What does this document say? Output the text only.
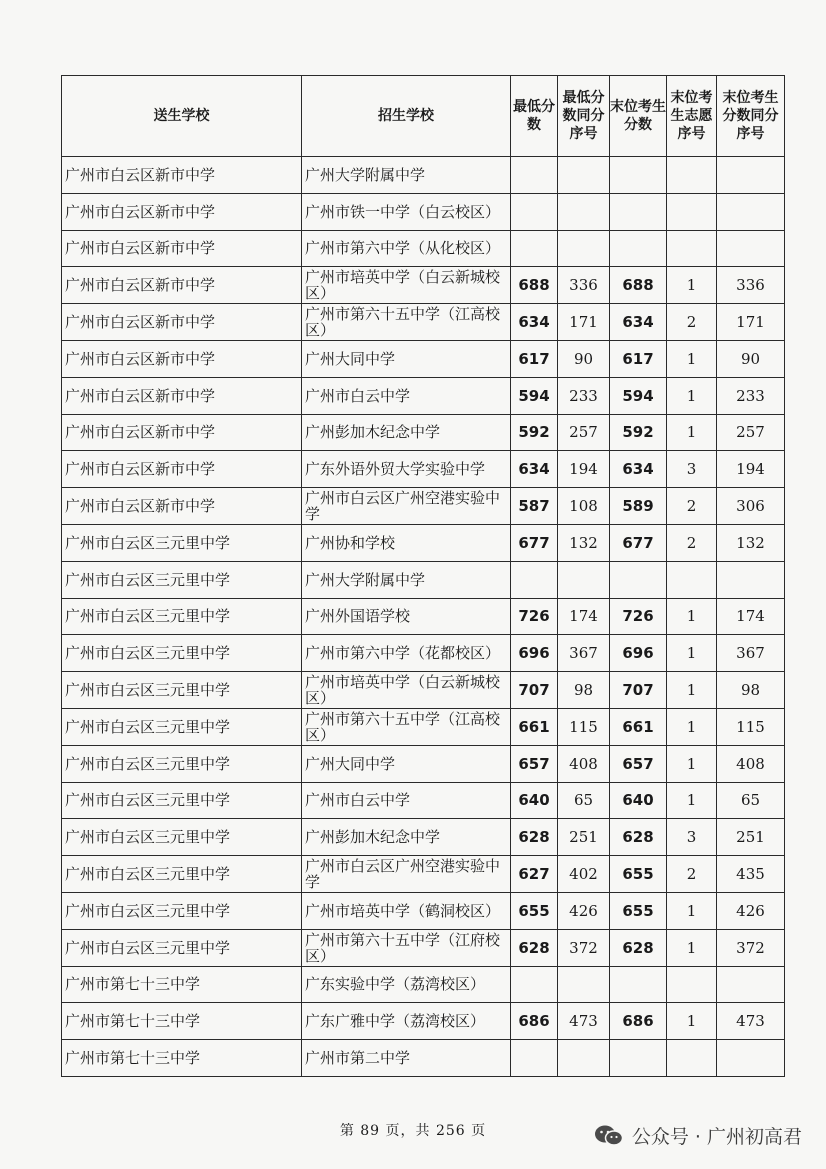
送生学校	招生学校	最低分数	最低分数同分序号	末位考生分数	末位考生志愿序号	末位考生分数同分序号
广州市白云区新市中学	广州大学附属中学					
广州市白云区新市中学	广州市铁一中学（白云校区）					
广州市白云区新市中学	广州市第六中学（从化校区）					
广州市白云区新市中学	广州市培英中学（白云新城校区）	688	336	688	1	336
广州市白云区新市中学	广州市第六十五中学（江高校区）	634	171	634	2	171
广州市白云区新市中学	广州大同中学	617	90	617	1	90
广州市白云区新市中学	广州市白云中学	594	233	594	1	233
广州市白云区新市中学	广州彭加木纪念中学	592	257	592	1	257
广州市白云区新市中学	广东外语外贸大学实验中学	634	194	634	3	194
广州市白云区新市中学	广州市白云区广州空港实验中学	587	108	589	2	306
广州市白云区三元里中学	广州协和学校	677	132	677	2	132
广州市白云区三元里中学	广州大学附属中学					
广州市白云区三元里中学	广州外国语学校	726	174	726	1	174
广州市白云区三元里中学	广州市第六中学（花都校区）	696	367	696	1	367
广州市白云区三元里中学	广州市培英中学（白云新城校区）	707	98	707	1	98
广州市白云区三元里中学	广州市第六十五中学（江高校区）	661	115	661	1	115
广州市白云区三元里中学	广州大同中学	657	408	657	1	408
广州市白云区三元里中学	广州市白云中学	640	65	640	1	65
广州市白云区三元里中学	广州彭加木纪念中学	628	251	628	3	251
广州市白云区三元里中学	广州市白云区广州空港实验中学	627	402	655	2	435
广州市白云区三元里中学	广州市培英中学（鹤洞校区）	655	426	655	1	426
广州市白云区三元里中学	广州市第六十五中学（江府校区）	628	372	628	1	372
广州市第七十三中学	广东实验中学（荔湾校区）					
广州市第七十三中学	广东广雅中学（荔湾校区）	686	473	686	1	473
广州市第七十三中学	广州市第二中学					
第 89 页，共 256 页	公众号 · 广州初高君
